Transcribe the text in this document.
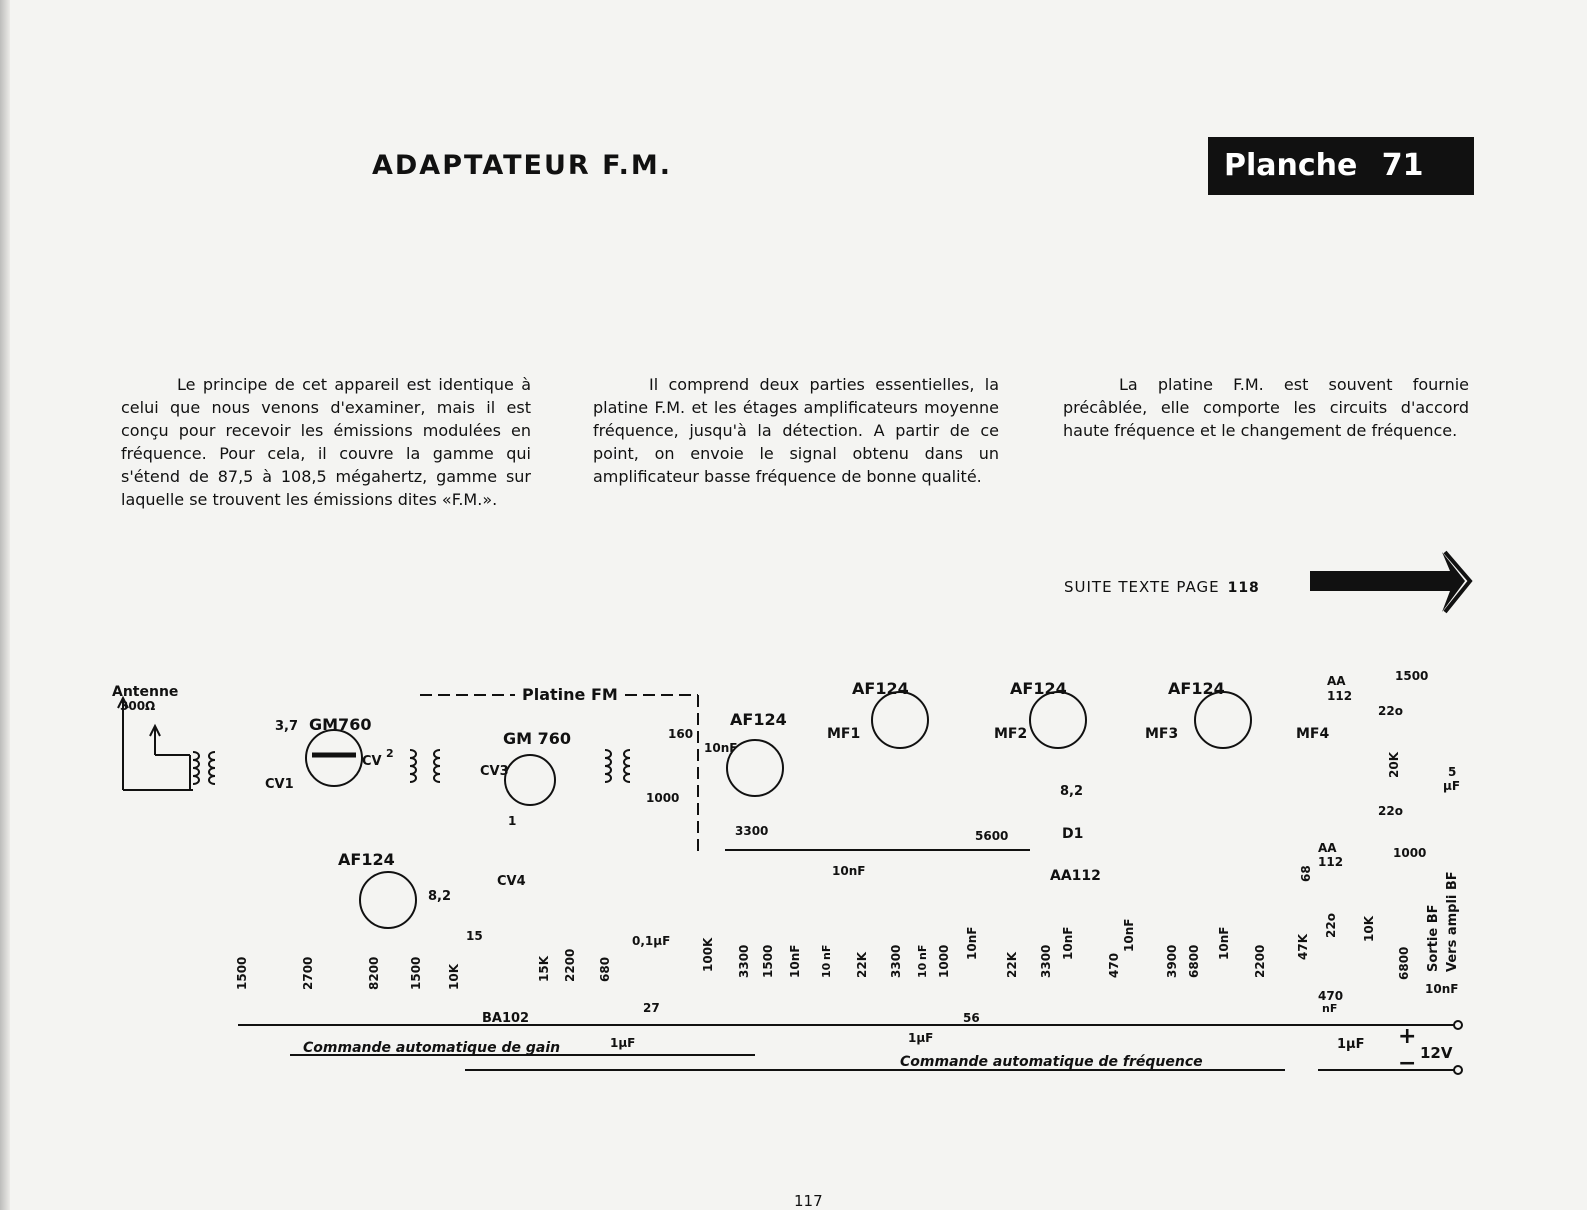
ADAPTATEUR F.M.	Planche 71

Le principe de cet appareil est identique à celui que nous venons d'examiner, mais il est conçu pour recevoir les émissions modulées en fréquence. Pour cela, il couvre la gamme qui s'étend de 87,5 à 108,5 mégahertz, gamme sur laquelle se trouvent les émissions dites «F.M.».

Il comprend deux parties essentielles, la platine F.M. et les étages amplificateurs moyenne fréquence, jusqu'à la détection. A partir de ce point, on envoie le signal obtenu dans un amplificateur basse fréquence de bonne qualité.

La platine F.M. est souvent fournie précâblée, elle comporte les circuits d'accord haute fréquence et le changement de fréquence.

SUITE TEXTE PAGE 118
Antenne
300Ω
GM760
3,7
CV1
CV
2
Platine FM
GM 760
CV3
1
160
1000
10nF
AF124
AF124	AF124	AF124
AF124
MF1	MF2	MF3	MF4
3300	5600
10nF
8,2
8,2
15	0,1μF
CV4
27
1μF
56
1μF	1μF +
− 12V
D1
AA112
BA102
AA
112
AA
112
1500
22o
22o
1000
5
μF
470
nF
10nF
1500	2700	8200 1500 10K	15K 2200 680	100K 3300 1500 10nF 10
nF 22K 3300 10
nF 1000
10nF
22K 3300
10nF
470
10nF
3900 6800
10nF
2200 47K
68
22o 10K
6800
20K
Sortie BF Vers ampli BF
Commande automatique de gain
Commande automatique de fréquence
117
